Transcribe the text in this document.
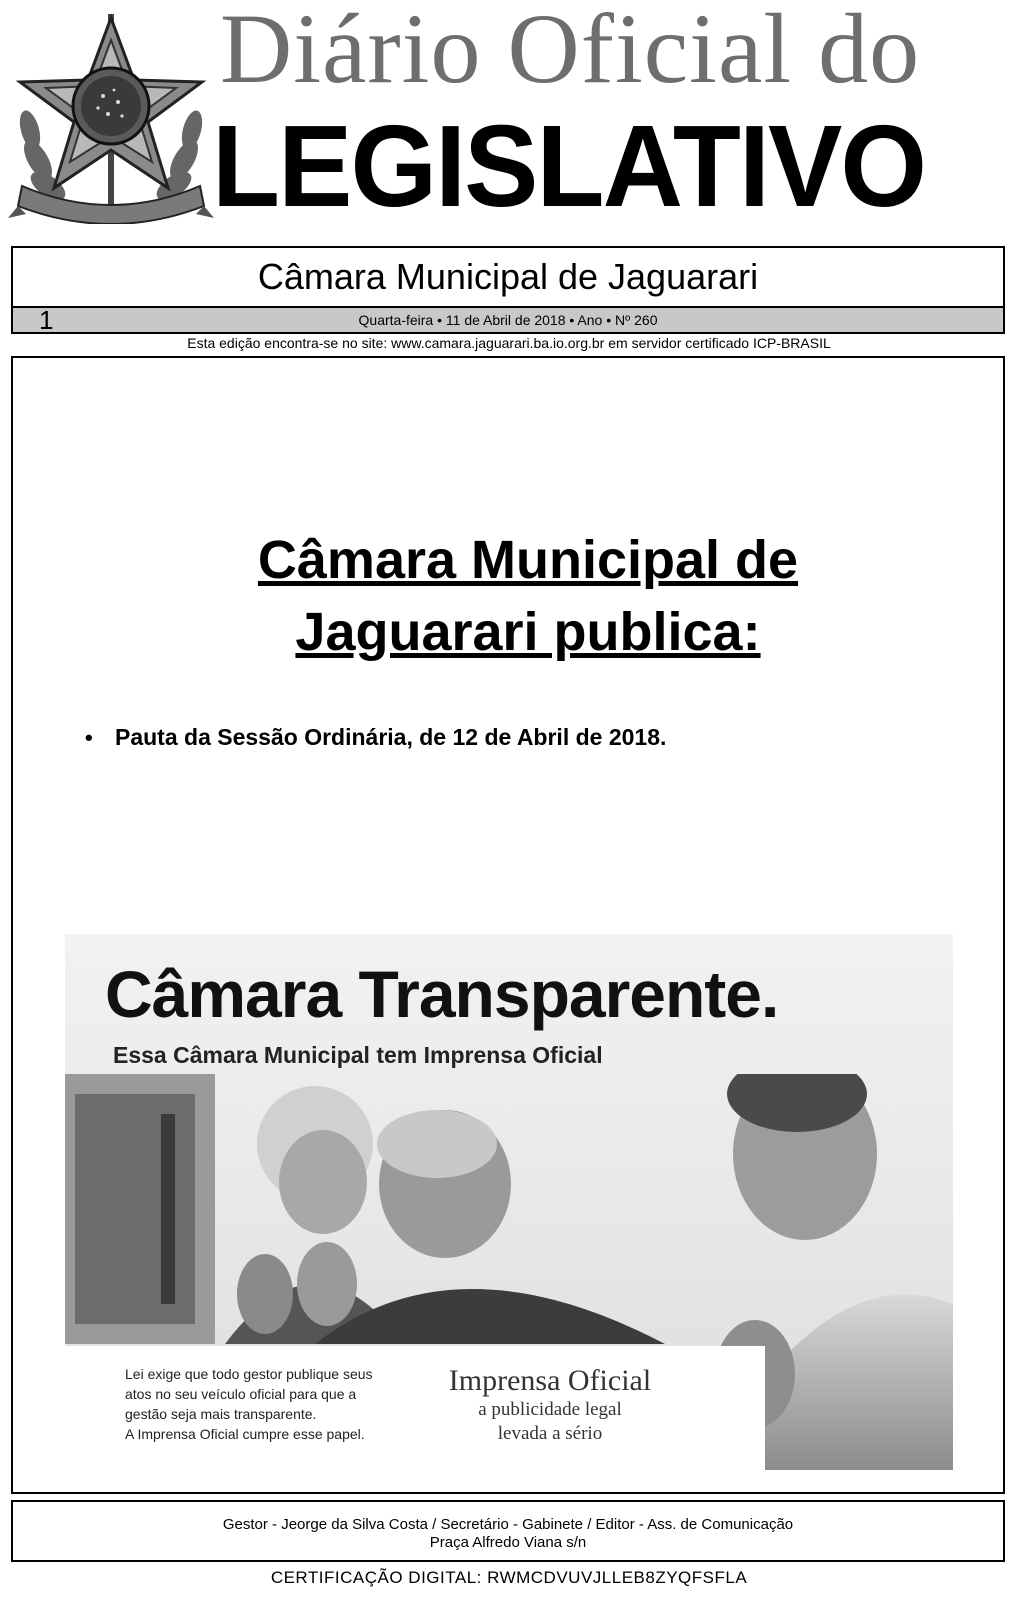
Diário Oficial do
LEGISLATIVO
Câmara Municipal de Jaguarari
1	Quarta-feira • 11 de Abril de 2018 • Ano • Nº 260
Esta edição encontra-se no site: www.camara.jaguarari.ba.io.org.br em servidor certificado ICP-BRASIL
Câmara Municipal de
Jaguarari publica:
• Pauta da Sessão Ordinária, de 12 de Abril de 2018.
Câmara Transparente.
Essa Câmara Municipal tem Imprensa Oficial
Lei exige que todo gestor publique seus
atos no seu veículo oficial para que a
gestão seja mais transparente.
A Imprensa Oficial cumpre esse papel.
Imprensa Oficial
a publicidade legal
levada a sério
Gestor - Jeorge da Silva Costa / Secretário - Gabinete / Editor - Ass. de Comunicação
Praça Alfredo Viana s/n
CERTIFICAÇÃO DIGITAL: RWMCDVUVJLLEB8ZYQFSFLA
